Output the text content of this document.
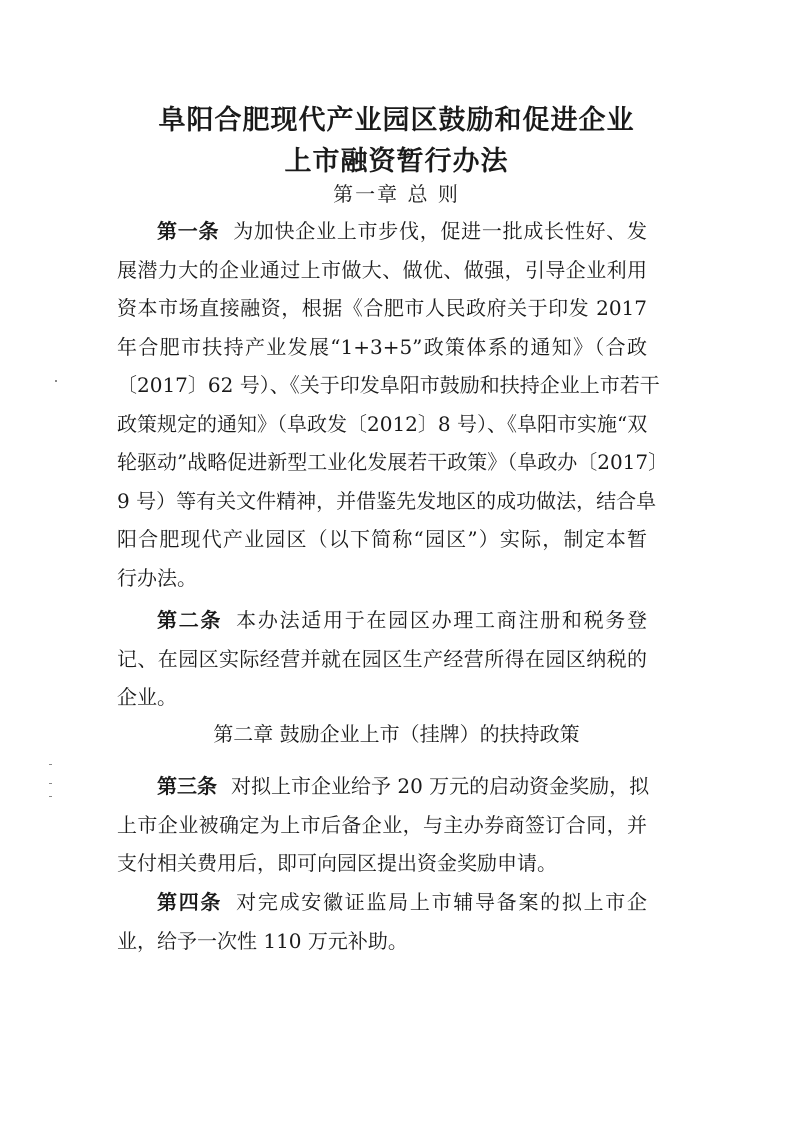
阜阳合肥现代产业园区鼓励和促进企业
上市融资暂行办法
第一章 总 则
第一条 为加快企业上市步伐，促进一批成长性好、发
展潜力大的企业通过上市做大、做优、做强，引导企业利用
资本市场直接融资，根据《合肥市人民政府关于印发 2017
年合肥市扶持产业发展“1+3+5”政策体系的通知》（合政
〔2017〕62 号）、《关于印发阜阳市鼓励和扶持企业上市若干
政策规定的通知》（阜政发〔2012〕8 号）、《阜阳市实施“双
轮驱动”战略促进新型工业化发展若干政策》（阜政办〔2017〕
9 号）等有关文件精神，并借鉴先发地区的成功做法，结合阜
阳合肥现代产业园区（以下简称“园区”）实际，制定本暂
行办法。
第二条 本办法适用于在园区办理工商注册和税务登
记、在园区实际经营并就在园区生产经营所得在园区纳税的
企业。
第二章 鼓励企业上市（挂牌）的扶持政策
第三条 对拟上市企业给予 20 万元的启动资金奖励，拟
上市企业被确定为上市后备企业，与主办券商签订合同，并
支付相关费用后，即可向园区提出资金奖励申请。
第四条 对完成安徽证监局上市辅导备案的拟上市企
业，给予一次性 110 万元补助。
